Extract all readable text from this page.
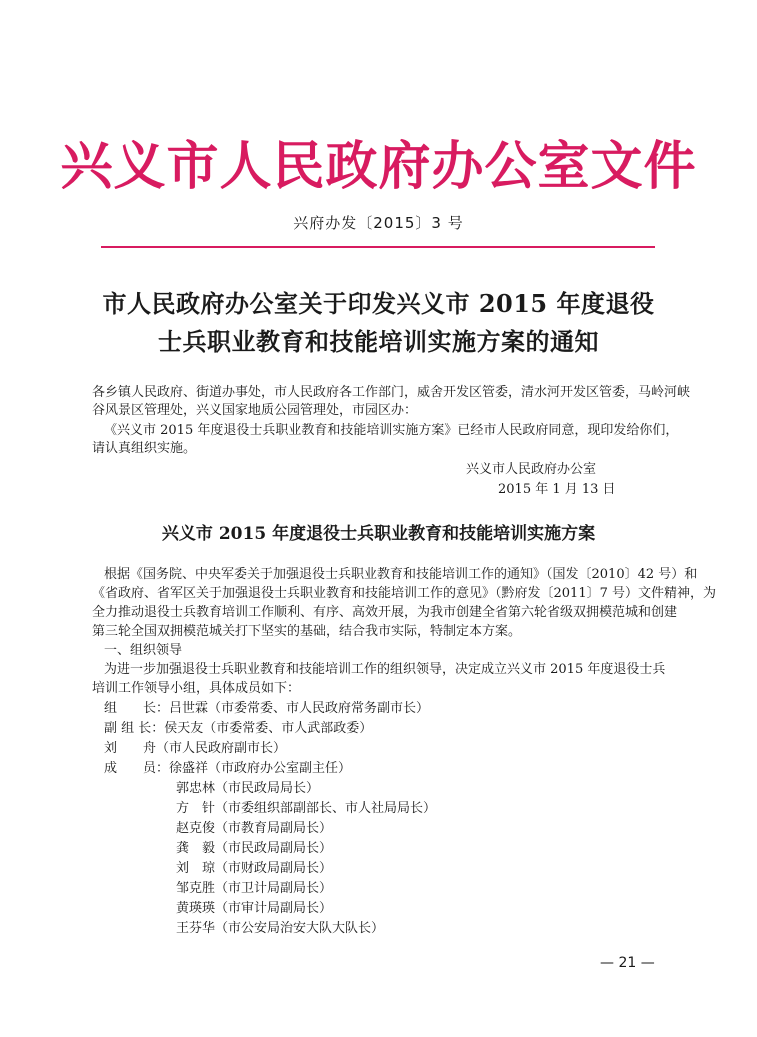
兴义市人民政府办公室文件
兴府办发〔2015〕3 号
市人民政府办公室关于印发兴义市 2015 年度退役
士兵职业教育和技能培训实施方案的通知
各乡镇人民政府、街道办事处，市人民政府各工作部门，威舍开发区管委，清水河开发区管委，马岭河峡
谷风景区管理处，兴义国家地质公园管理处，市园区办：
《兴义市 2015 年度退役士兵职业教育和技能培训实施方案》已经市人民政府同意，现印发给你们，
请认真组织实施。
兴义市人民政府办公室
2015 年 1 月 13 日
兴义市 2015 年度退役士兵职业教育和技能培训实施方案
根据《国务院、中央军委关于加强退役士兵职业教育和技能培训工作的通知》（国发〔2010〕42 号）和
《省政府、省军区关于加强退役士兵职业教育和技能培训工作的意见》（黔府发〔2011〕7 号）文件精神，为
全力推动退役士兵教育培训工作顺利、有序、高效开展，为我市创建全省第六轮省级双拥模范城和创建
第三轮全国双拥模范城关打下坚实的基础，结合我市实际，特制定本方案。
一、组织领导
为进一步加强退役士兵职业教育和技能培训工作的组织领导，决定成立兴义市 2015 年度退役士兵
培训工作领导小组，具体成员如下：
组　　长：吕世霖（市委常委、市人民政府常务副市长）
副 组 长：侯天友（市委常委、市人武部政委）
刘　　舟（市人民政府副市长）
成　　员：徐盛祥（市政府办公室副主任）
郭忠林（市民政局局长）
方　针（市委组织部副部长、市人社局局长）
赵克俊（市教育局副局长）
龚　毅（市民政局副局长）
刘　琼（市财政局副局长）
邹克胜（市卫计局副局长）
黄瑛瑛（市审计局副局长）
王芬华（市公安局治安大队大队长）
— 21 —
